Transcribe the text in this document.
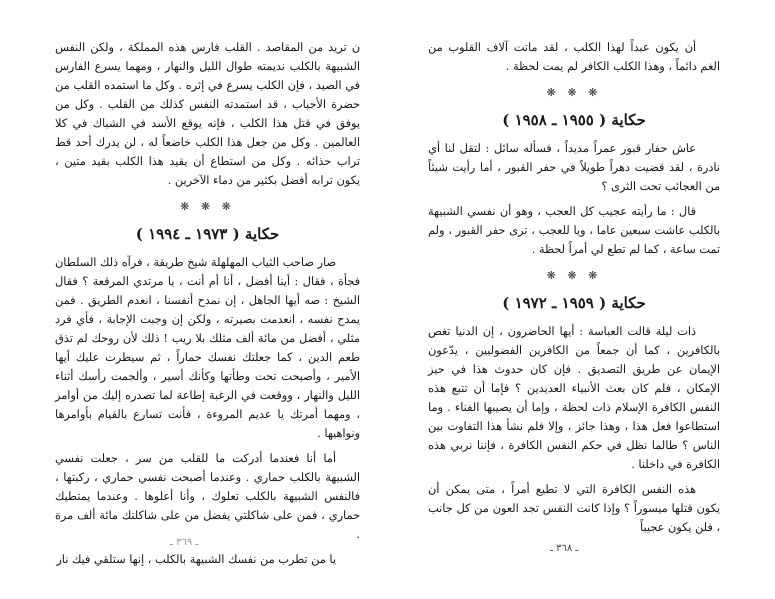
ن تريد من المقاصد . القلب فارس هذه المملكة ، ولكن النفس الشبيهة بالكلب نديمته طوال الليل والنهار ، ومهما يسرع الفارس في الصيد ، فإن الكلب يسرع في إثره . وكل ما استمده القلب من حضرة الأحباب ، قد استمدته النفس كذلك من القلب . وكل من يوفق في قتل هذا الكلب ، فإنه يوقع الأسد في الشباك في كلا العالمين . وكل من جعل هذا الكلب خاضعاً له ، لن يدرك أحد قط تراب حذائه . وكل من استطاع أن يقيد هذا الكلب بقيد متين ، يكون ترابه أفضل بكثير من دماء الآخرين .

❋ ❋ ❋
حكاية ( ١٩٧٣ ـ ١٩٩٤ )

صار صاحب الثياب المهلهلة شيخ طريقة ، فرآه ذلك السلطان فجأة ، فقال : أينا أفضل ، أنا أم أنت ، يا مرتدي المرقعة ؟ فقال الشيخ : صه أيها الجاهل ، إن نمدح أنفسنا ، انعدم الطريق . فمن يمدح نفسه ، انعدمت بصيرته ، ولكن إن وجبت الإجابة ، فأي فرد مثلي ، أفضل من مائة ألف مثلك بلا ريب ! ذلك لأن روحك لم تذق طعم الدين ، كما جعلتك نفسك حماراً ، ثم سيطرت عليك أيها الأمير ، وأصبحت تحت وطأتها وكأنك أسير ، وألجمت رأسك أثناء الليل والنهار ، ووقعت في الرغبة إطاعة لما تصدره إليك من أوامر ، ومهما أمرتك يا عديم المروءة ، فأنت تسارع بالقيام بأوامرها ونواهيها .

أما أنا فعندما أدركت ما للقلب من سر ، جعلت نفسي الشبيهة بالكلب حماري . وعندما أصبحت نفسي حماري ، ركبتها ، فالنفس الشبيهة بالكلب تعلوك ، وأنا أعلوها . وعندما يمتطيك حماري ، فمن على شاكلتي يفضل من على شاكلتك مائة ألف مرة .

يا من تطرب من نفسك الشبيهة بالكلب ، إنها ستلقي فيك نار

ـ ٣٦٩ ـ

أن يكون عبداً لهذا الكلب ، لقد ماتت آلاف القلوب من الغم دائماً ، وهذا الكلب الكافر لم يمت لحظة .

❋ ❋ ❋
حكاية ( ١٩٥٥ ـ ١٩٥٨ )

عاش حفار قبور عمراً مديداً ، فسأله سائل : لتقل لنا أي نادرة ، لقد قضيت دهراً طويلاً في حفر القبور ، أما رأيت شيئاً من العجائب تحت الثرى ؟

قال : ما رأيته عجيب كل العجب ، وهو أن نفسي الشبيهة بالكلب عاشت سبعين عاما ، ويا للعجب ، ترى حفر القبور ، ولم تمت ساعة ، كما لم تطع لي أمراً لحظة .

❋ ❋ ❋
حكاية ( ١٩٥٩ ـ ١٩٧٢ )

ذات ليلة قالت العباسة : أيها الحاضرون ، إن الدنيا تغص بالكافرين ، كما أن جمعاً من الكافرين الفضوليين ، يدّعون الإيمان عن طريق التصديق . فإن كان حدوث هذا في حيز الإمكان ، فلم كان بعث الأنبياء العديدين ؟ فإما أن تتبع هذه النفس الكافرة الإسلام ذات لحظة ، وإما أن يصيبها الفناء . وما استطاعوا فعل هذا ، وهذا جائز ، وإلا فلم نشأ هذا التفاوت بين الناس ؟ طالما نظل في حكم النفس الكافرة ، فإننا نربي هذه الكافرة في داخلنا .

هذه النفس الكافرة التي لا تطيع أمراً ، متى يمكن أن يكون قتلها ميسوراً ؟ وإذا كانت النفس تجد العون من كل جانب ، فلن يكون عجيباً

ـ ٣٦٨ ـ
